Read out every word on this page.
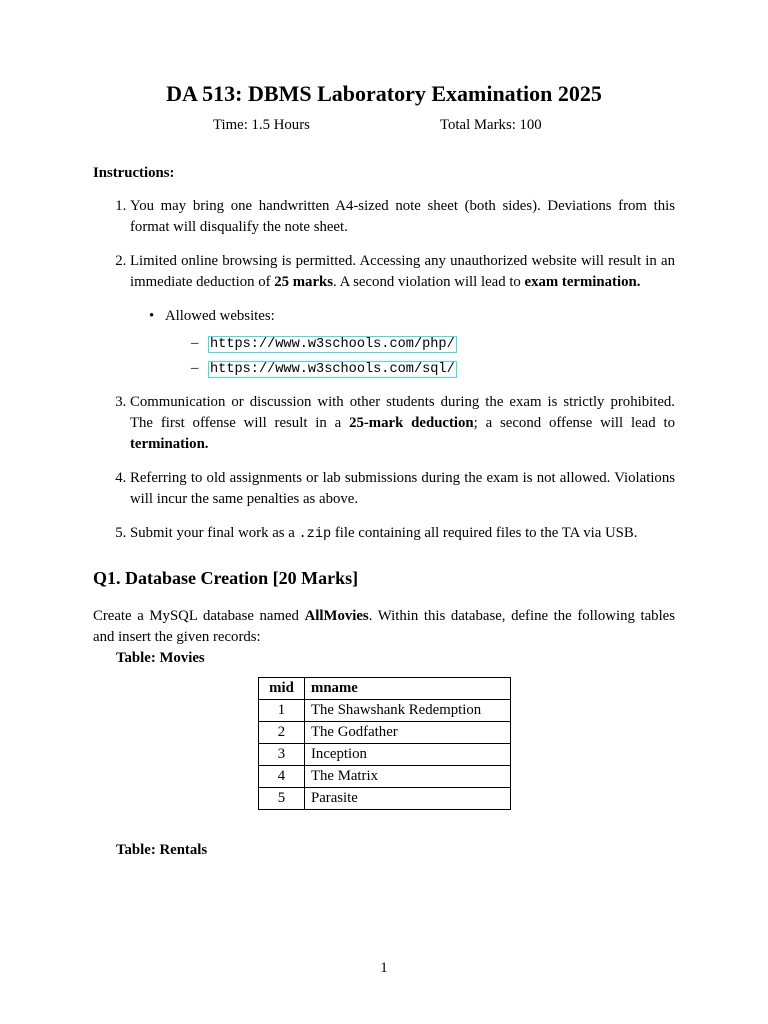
DA 513: DBMS Laboratory Examination 2025
Time: 1.5 Hours	Total Marks: 100
Instructions:
1. You may bring one handwritten A4-sized note sheet (both sides). Deviations from this format will disqualify the note sheet.
2. Limited online browsing is permitted. Accessing any unauthorized website will result in an immediate deduction of 25 marks. A second violation will lead to exam termination.
• Allowed websites:
– https://www.w3schools.com/php/
– https://www.w3schools.com/sql/
3. Communication or discussion with other students during the exam is strictly prohibited. The first offense will result in a 25-mark deduction; a second offense will lead to termination.
4. Referring to old assignments or lab submissions during the exam is not allowed. Violations will incur the same penalties as above.
5. Submit your final work as a .zip file containing all required files to the TA via USB.
Q1. Database Creation [20 Marks]
Create a MySQL database named AllMovies. Within this database, define the following tables and insert the given records:
Table: Movies
mid	mname
1	The Shawshank Redemption
2	The Godfather
3	Inception
4	The Matrix
5	Parasite
Table: Rentals
1
